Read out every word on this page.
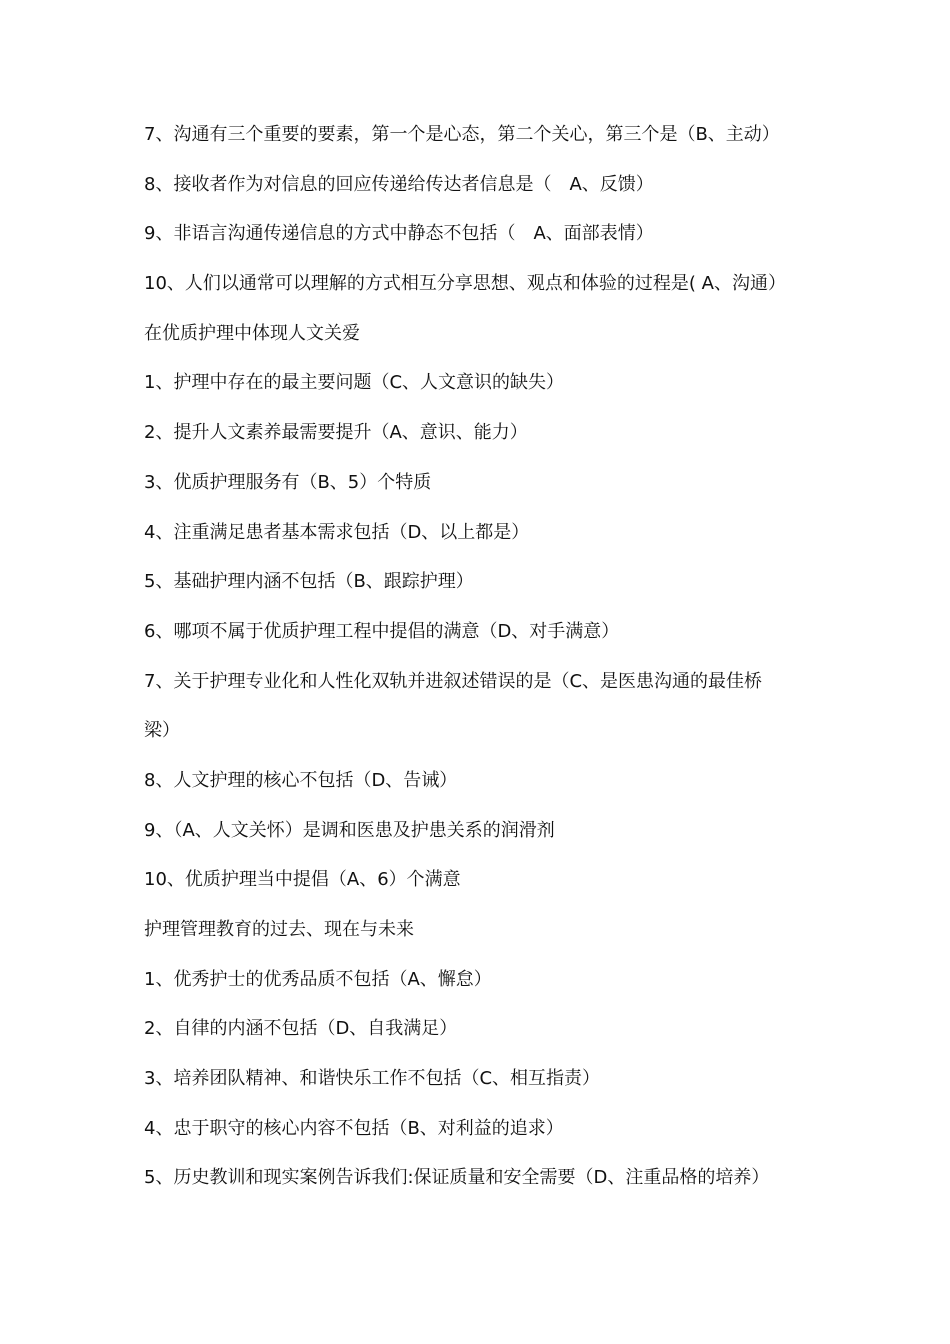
7、沟通有三个重要的要素，第一个是心态，第二个关心，第三个是（B、主动）
8、接收者作为对信息的回应传递给传达者信息是（　A、反馈）
9、非语言沟通传递信息的方式中静态不包括（　A、面部表情）
10、人们以通常可以理解的方式相互分享思想、观点和体验的过程是( A、沟通）
在优质护理中体现人文关爱
1、护理中存在的最主要问题（C、人文意识的缺失）
2、提升人文素养最需要提升（A、意识、能力）
3、优质护理服务有（B、5）个特质
4、注重满足患者基本需求包括（D、以上都是）
5、基础护理内涵不包括（B、跟踪护理）
6、哪项不属于优质护理工程中提倡的满意（D、对手满意）
7、关于护理专业化和人性化双轨并进叙述错误的是（C、是医患沟通的最佳桥
梁）
8、人文护理的核心不包括（D、告诫）
9、（A、人文关怀）是调和医患及护患关系的润滑剂
10、优质护理当中提倡（A、6）个满意
护理管理教育的过去、现在与未来
1、优秀护士的优秀品质不包括（A、懈怠）
2、自律的内涵不包括（D、自我满足）
3、培养团队精神、和谐快乐工作不包括（C、相互指责）
4、忠于职守的核心内容不包括（B、对利益的追求）
5、历史教训和现实案例告诉我们:保证质量和安全需要（D、注重品格的培养）
